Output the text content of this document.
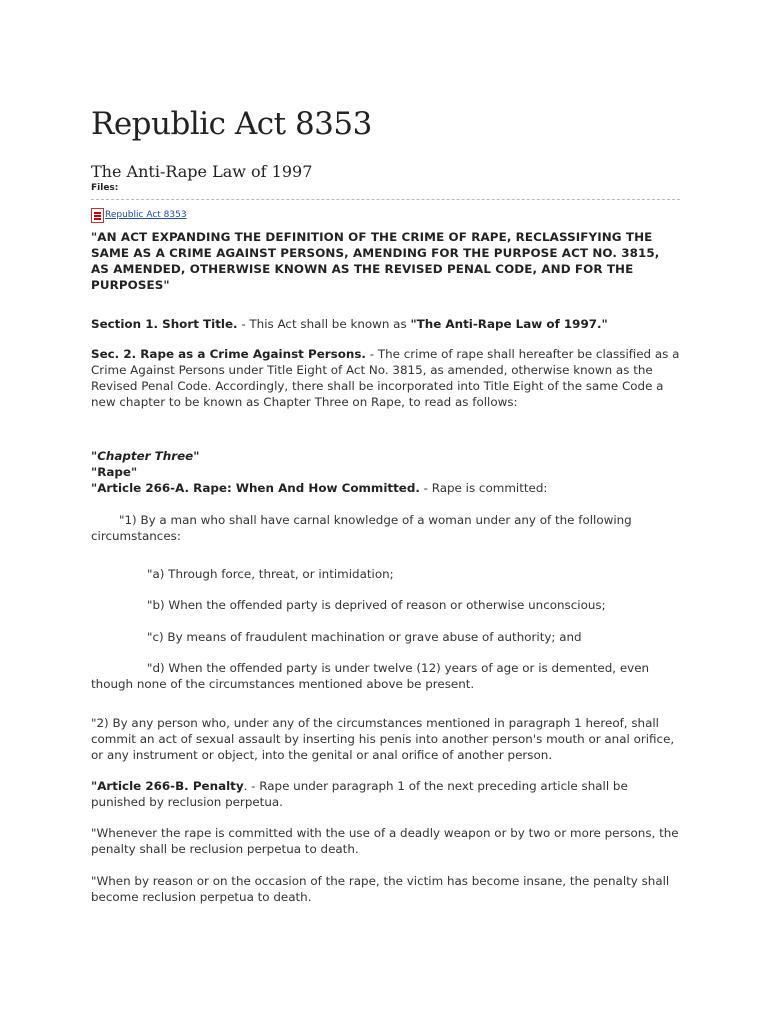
Republic Act 8353
The Anti-Rape Law of 1997
Files:
Republic Act 8353

"AN ACT EXPANDING THE DEFINITION OF THE CRIME OF RAPE, RECLASSIFYING THE SAME AS A CRIME AGAINST PERSONS, AMENDING FOR THE PURPOSE ACT NO. 3815, AS AMENDED, OTHERWISE KNOWN AS THE REVISED PENAL CODE, AND FOR THE PURPOSES"

Section 1. Short Title. - This Act shall be known as "The Anti-Rape Law of 1997."

Sec. 2. Rape as a Crime Against Persons. - The crime of rape shall hereafter be classified as a Crime Against Persons under Title Eight of Act No. 3815, as amended, otherwise known as the Revised Penal Code. Accordingly, there shall be incorporated into Title Eight of the same Code a new chapter to be known as Chapter Three on Rape, to read as follows:

"Chapter Three"
"Rape"
"Article 266-A. Rape: When And How Committed. - Rape is committed:

"1) By a man who shall have carnal knowledge of a woman under any of the following circumstances:

"a) Through force, threat, or intimidation;

"b) When the offended party is deprived of reason or otherwise unconscious;

"c) By means of fraudulent machination or grave abuse of authority; and

"d) When the offended party is under twelve (12) years of age or is demented, even though none of the circumstances mentioned above be present.

"2) By any person who, under any of the circumstances mentioned in paragraph 1 hereof, shall commit an act of sexual assault by inserting his penis into another person's mouth or anal orifice, or any instrument or object, into the genital or anal orifice of another person.

"Article 266-B. Penalty. - Rape under paragraph 1 of the next preceding article shall be punished by reclusion perpetua.

"Whenever the rape is committed with the use of a deadly weapon or by two or more persons, the penalty shall be reclusion perpetua to death.

"When by reason or on the occasion of the rape, the victim has become insane, the penalty shall become reclusion perpetua to death.
